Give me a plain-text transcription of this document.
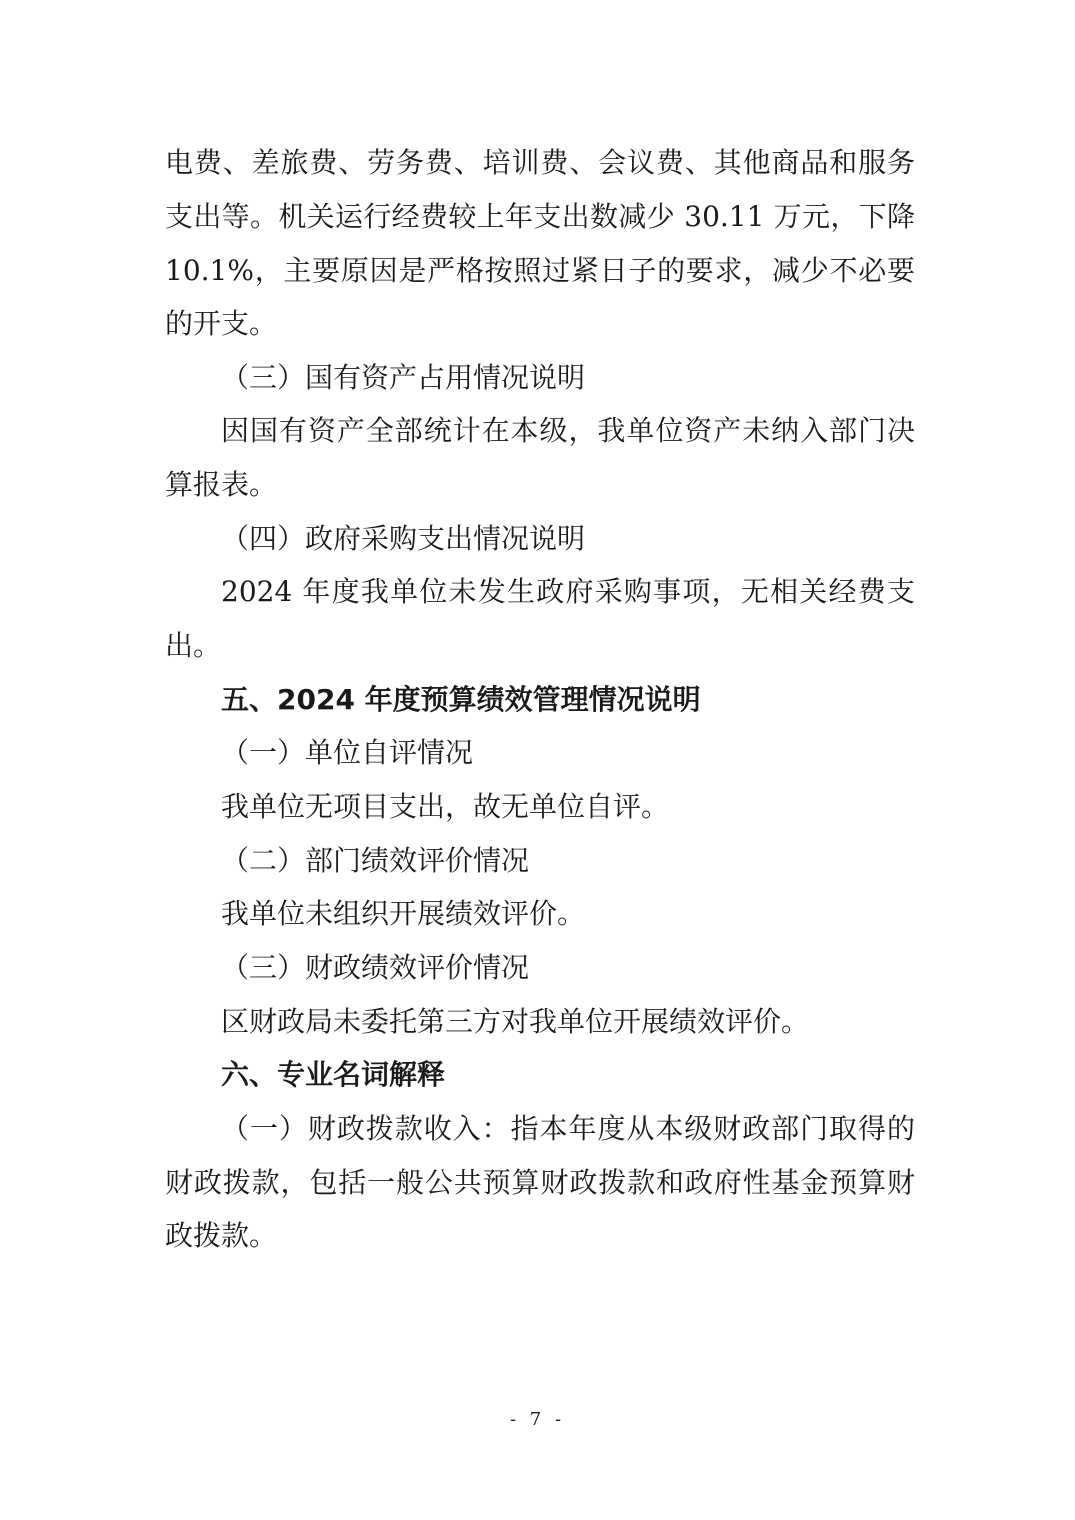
电费、差旅费、劳务费、培训费、会议费、其他商品和服务
支出等。机关运行经费较上年支出数减少 30.11 万元，下降
10.1%，主要原因是严格按照过紧日子的要求，减少不必要
的开支。
（三）国有资产占用情况说明
因国有资产全部统计在本级，我单位资产未纳入部门决
算报表。
（四）政府采购支出情况说明
2024 年度我单位未发生政府采购事项，无相关经费支
出。
五、2024 年度预算绩效管理情况说明
（一）单位自评情况
我单位无项目支出，故无单位自评。
（二）部门绩效评价情况
我单位未组织开展绩效评价。
（三）财政绩效评价情况
区财政局未委托第三方对我单位开展绩效评价。
六、专业名词解释
（一）财政拨款收入：指本年度从本级财政部门取得的
财政拨款，包括一般公共预算财政拨款和政府性基金预算财
政拨款。
- 7 -
